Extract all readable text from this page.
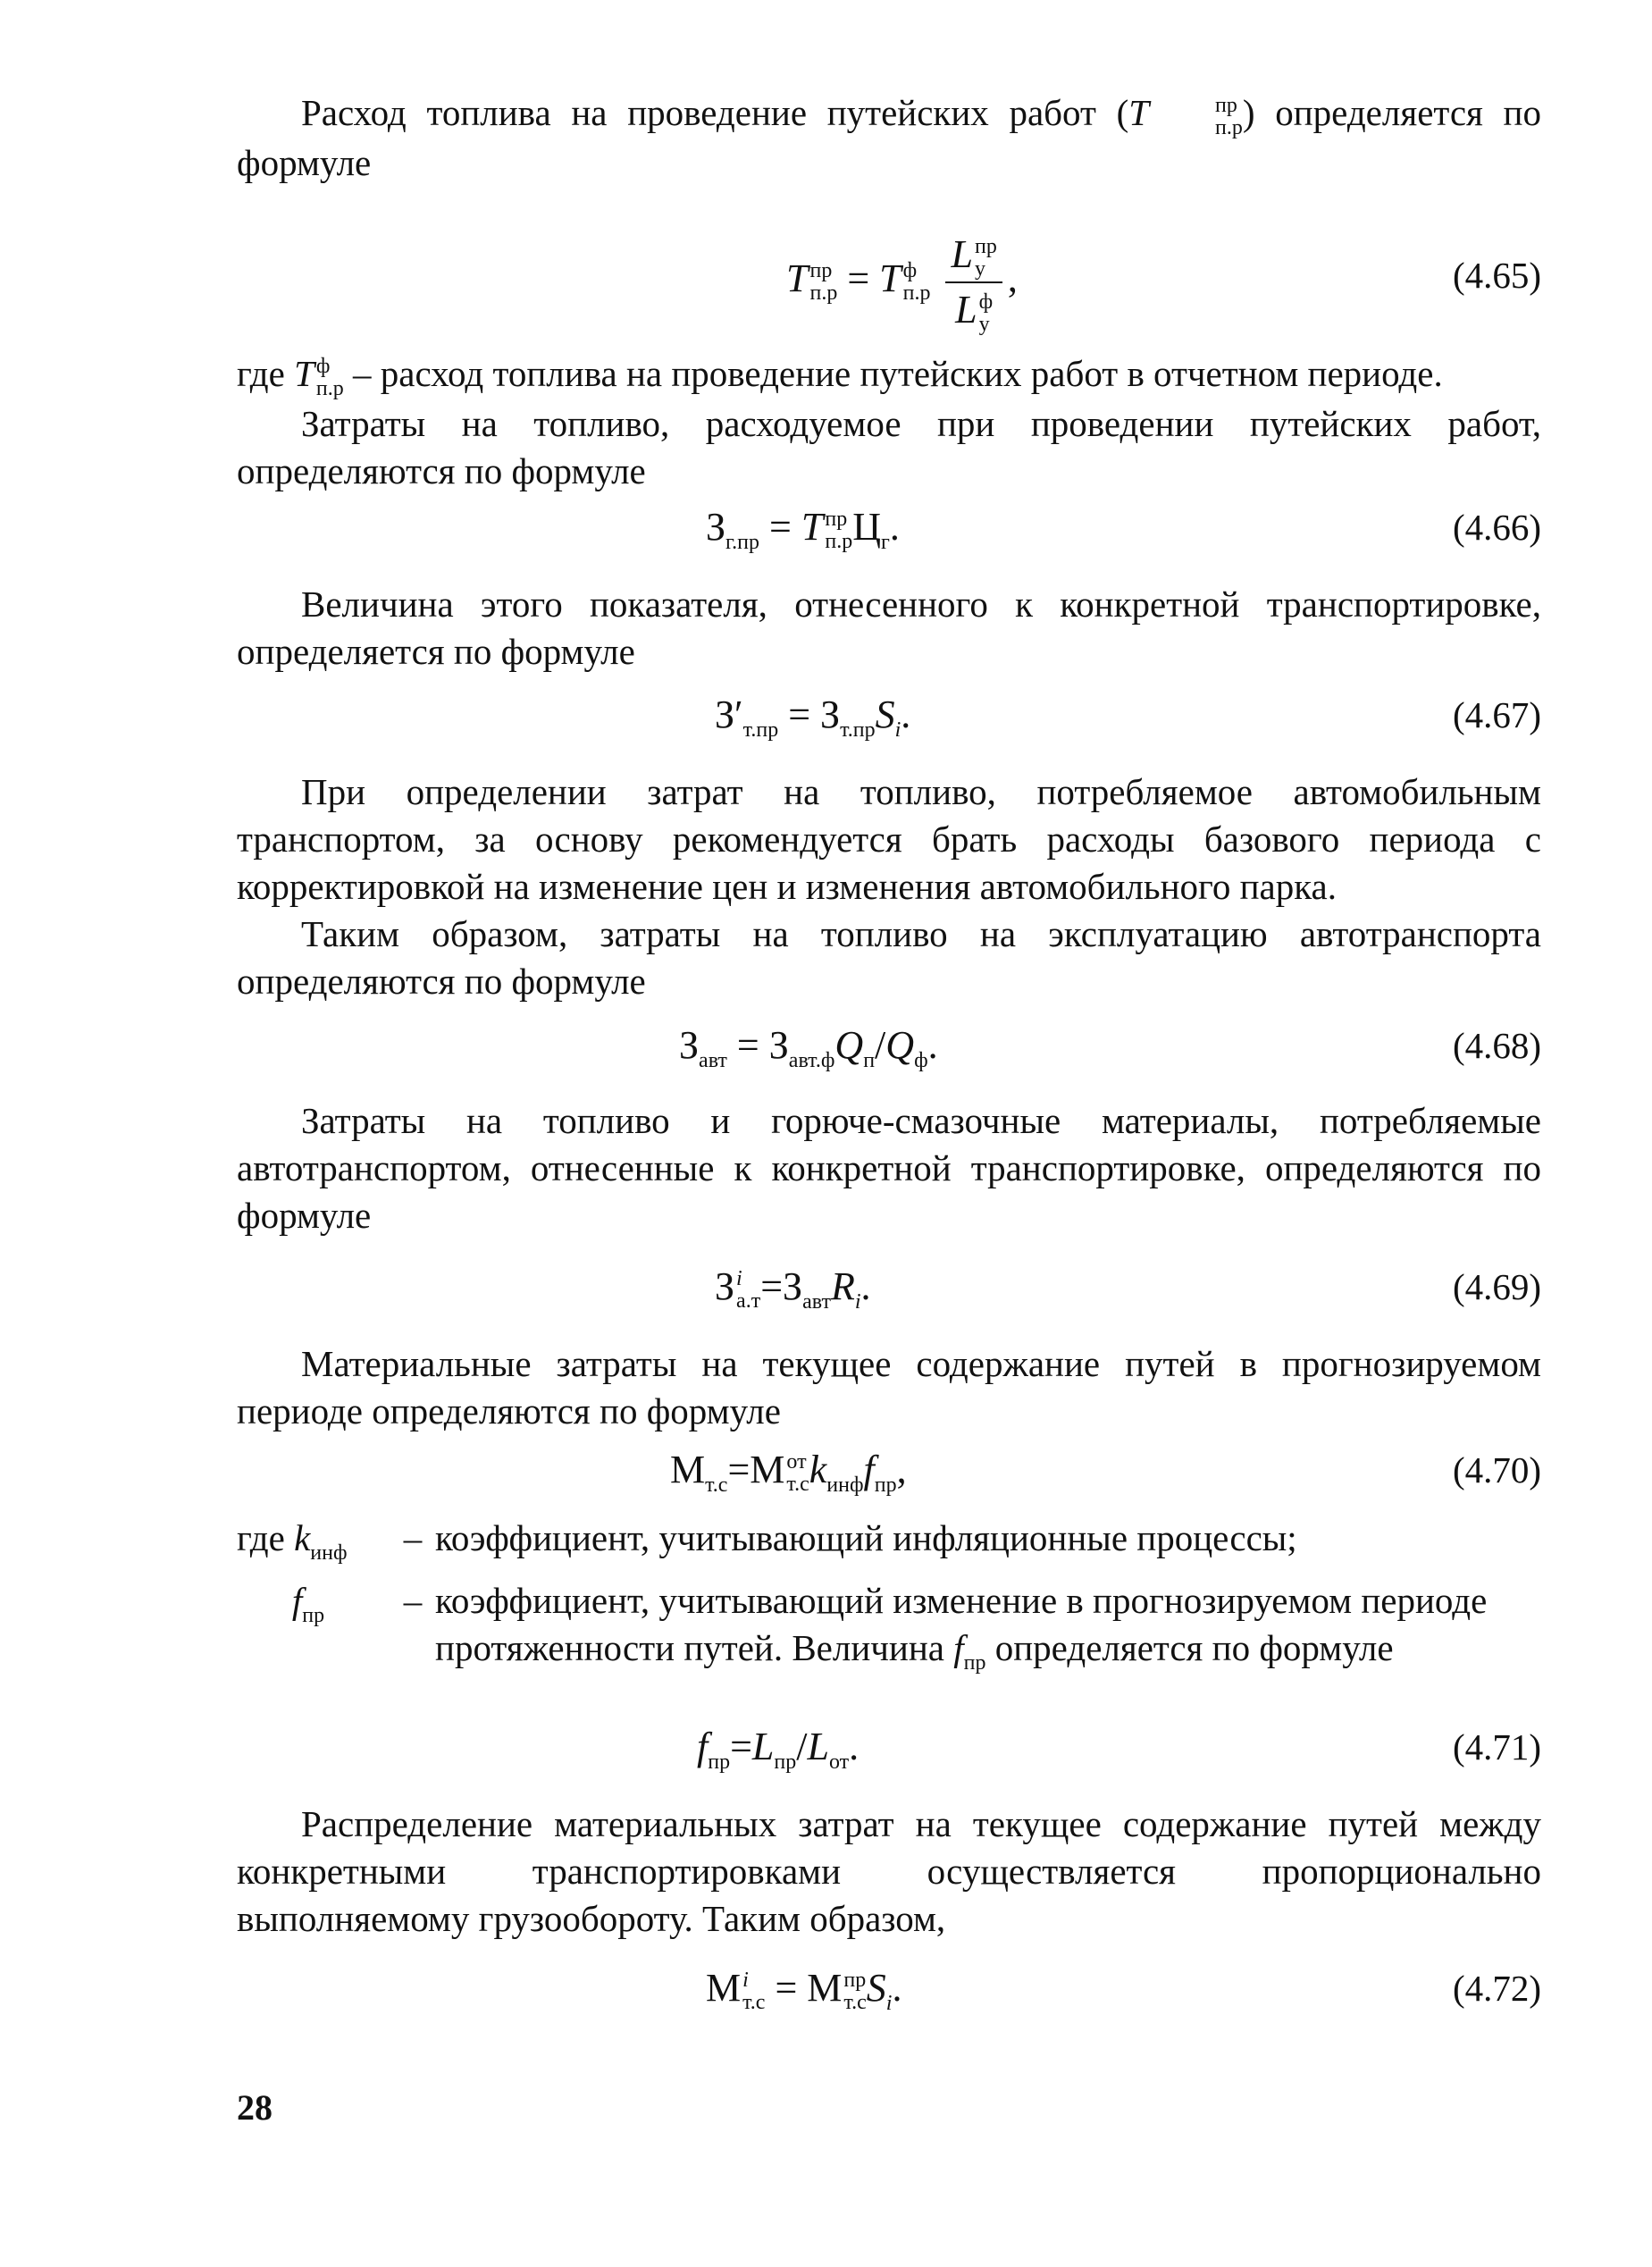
Расход топлива на проведение путейских работ (T	пр
п.р ) определяется по формуле

T пр
п.р = T ф
п.р
L пр
у
L ф
у ,	(4.65)

где T ф
п.р – расход топлива на проведение путейских работ в отчетном периоде.

Затраты на топливо, расходуемое при проведении путейских работ, определяются по формуле

$З_{г.пр} = T$ пр
п.р $Ц_г$.	(4.66)

Величина этого показателя, отнесенного к конкретной транспортировке, определяется по формуле

$З'_{т.пр} = З_{т.пр}S_i$.	(4.67)

При определении затрат на топливо, потребляемое автомобильным транспортом, за основу рекомендуется брать расходы базового периода с корректировкой на изменение цен и изменения автомобильного парка.

Таким образом, затраты на топливо на эксплуатацию автотранспорта определяются по формуле

$З_{авт} = З_{авт.ф}Q_п/Q_ф$.	(4.68)

Затраты на топливо и горюче-смазочные материалы, потребляемые автотранспортом, отнесенные к конкретной транспортировке, определяются по формуле

З i
$а.т =З_{авт}R_i$.	(4.69)

Материальные затраты на текущее содержание путей в прогнозируемом периоде определяются по формуле

$M_{т.с}=M$ от
т.с $k_{инф}f_{пр}$,	(4.70)
где $k_{инф}$	– коэффициент, учитывающий инфляционные процессы;
$f_{пр}$	– коэффициент, учитывающий изменение в прогнозируемом периоде протяженности путей. Величина $f_{пр}$ определяется по формуле
$f_{пр}=L_{пр}/L_{от}$.	(4.71)

Распределение материальных затрат на текущее содержание путей между конкретными транспортировками осуществляется пропорционально выполняемому грузообороту. Таким образом,

M i
т.с = M пр
т.с $S_i$.	(4.72)
28
